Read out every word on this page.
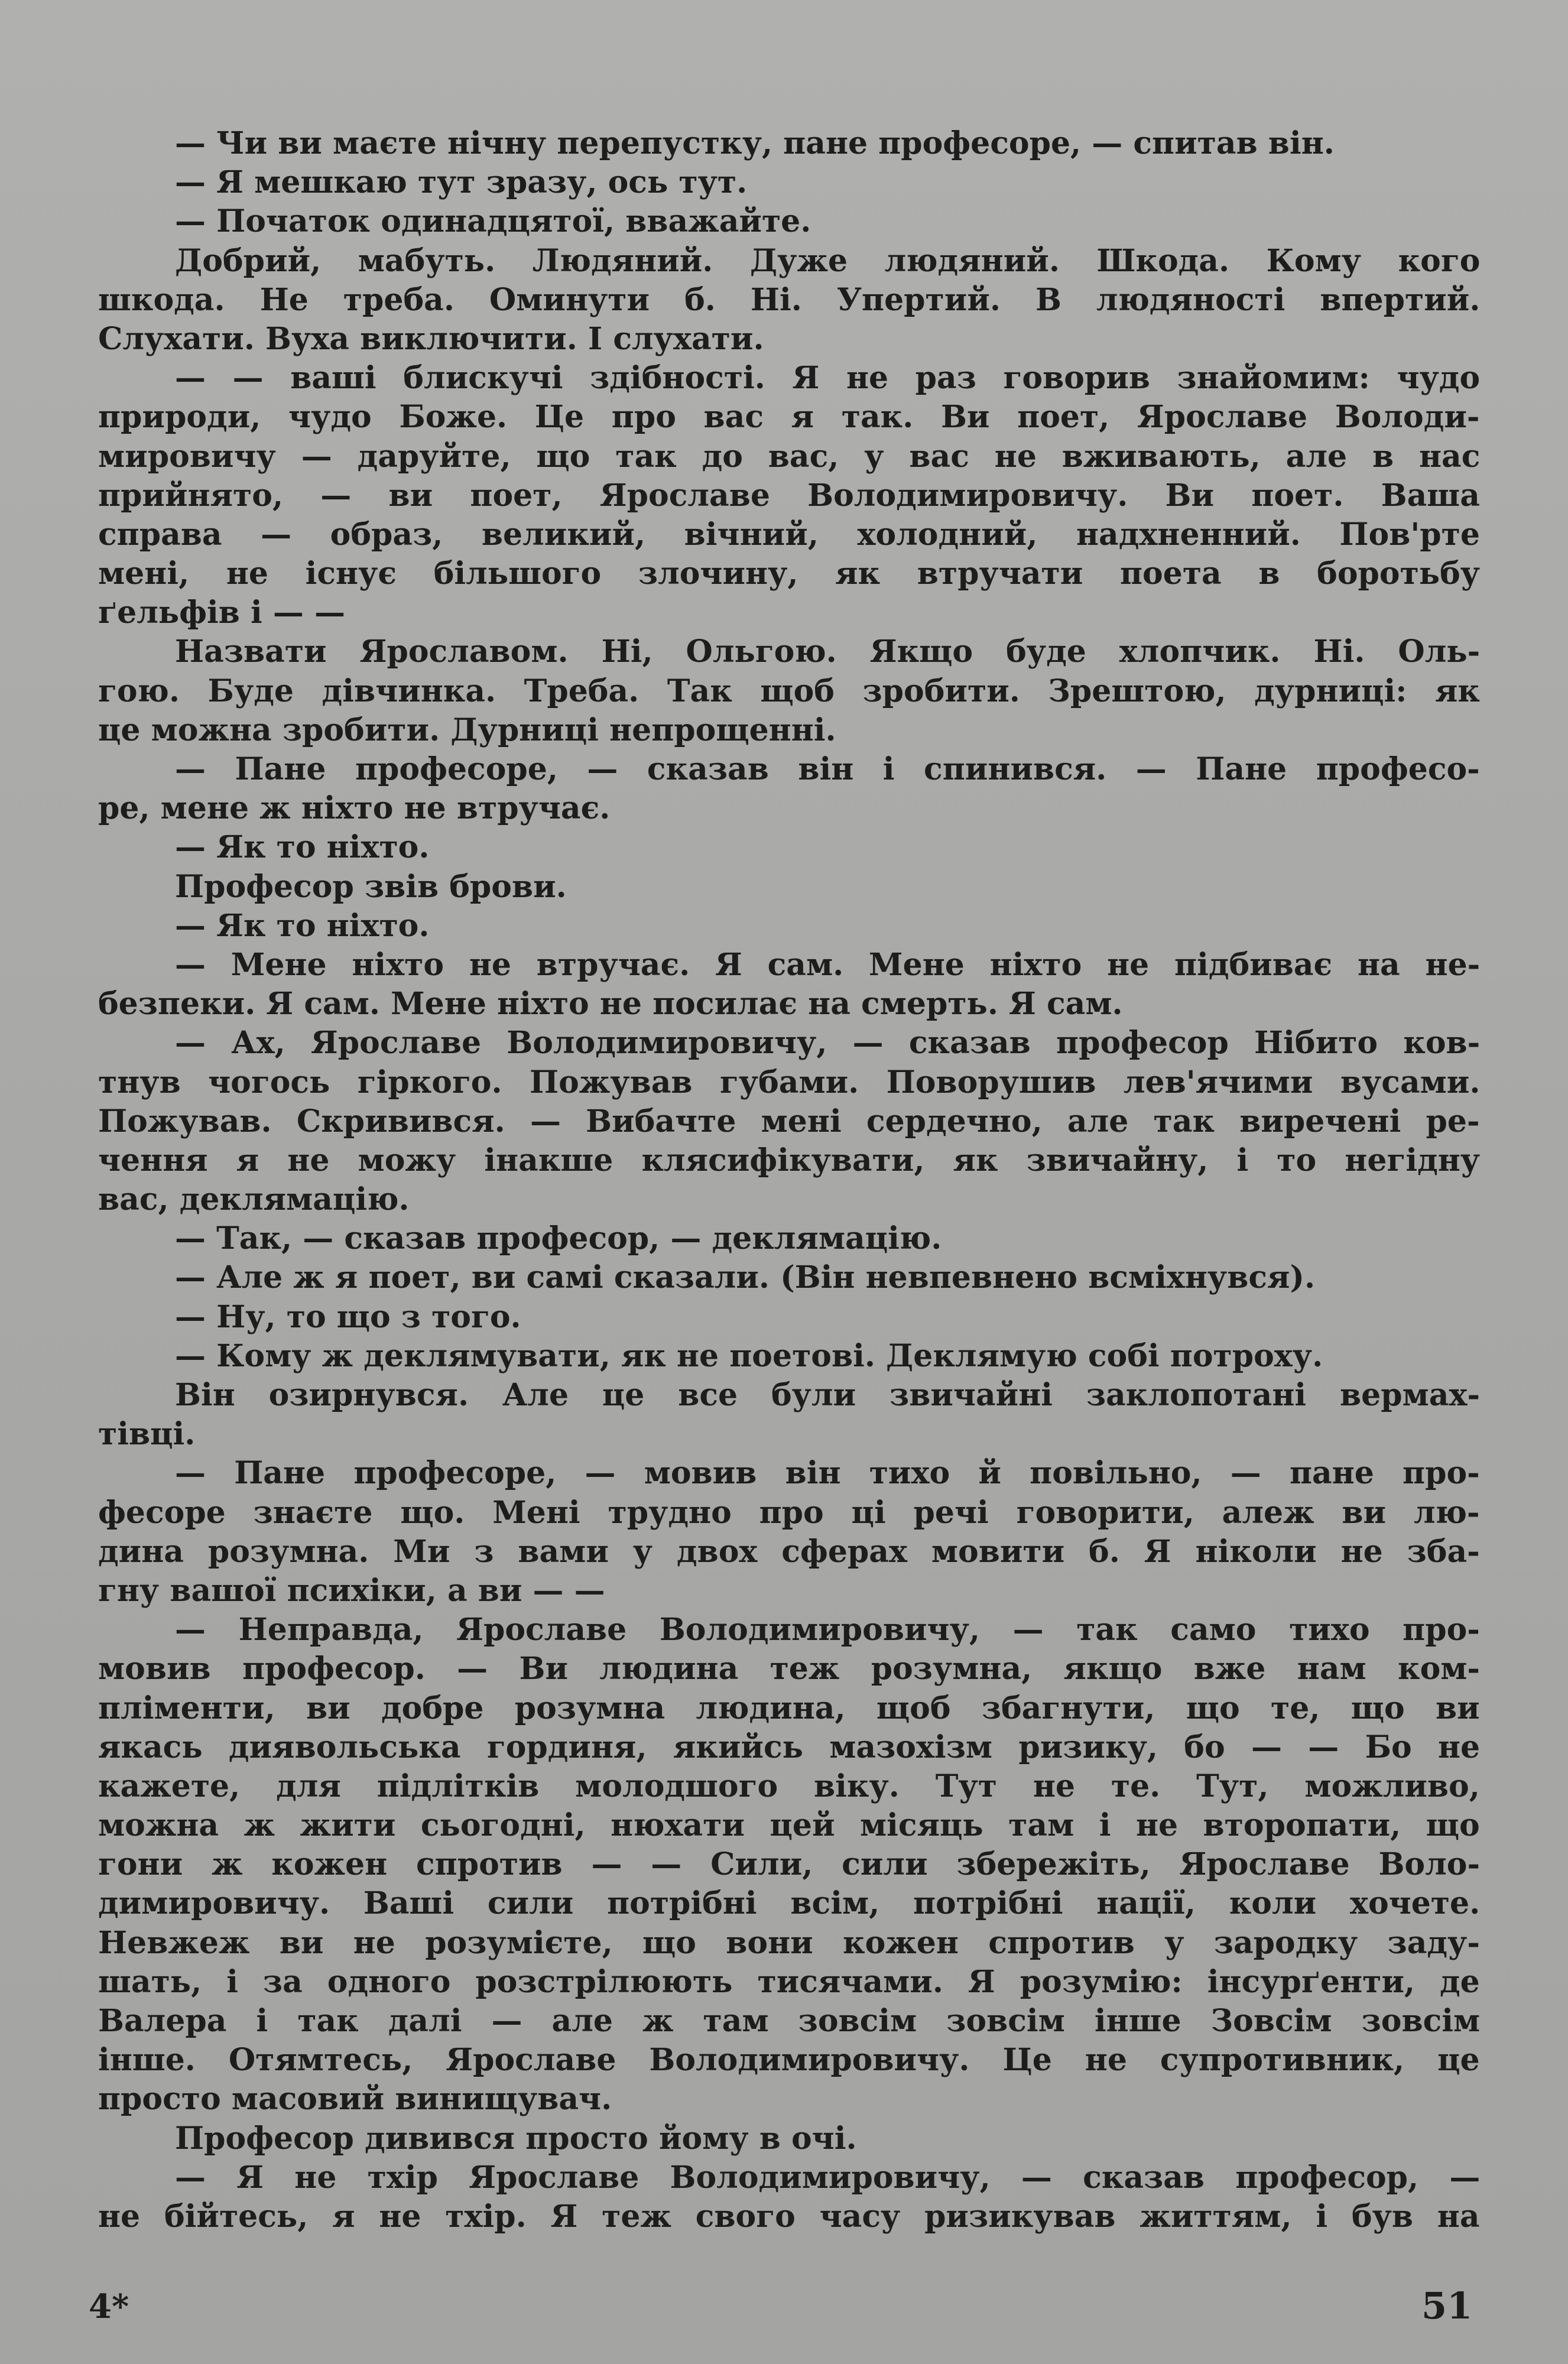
— Чи ви маєте нічну перепустку, пане професоре, — спитав він.
— Я мешкаю тут зразу, ось тут.
— Початок одинадцятої, вважайте.
Добрий, мабуть. Людяний. Дуже людяний. Шкода. Кому кого
шкода. Не треба. Оминути б. Ні. Упертий. В людяності впертий.
Слухати. Вуха виключити. І слухати.
— — ваші блискучі здібності. Я не раз говорив знайомим: чудо
природи, чудо Боже. Це про вас я так. Ви поет, Ярославе Володи-
мировичу — даруйте, що так до вас, у вас не вживають, але в нас
прийнято, — ви поет, Ярославе Володимировичу. Ви поет. Ваша
справа — образ, великий, вічний, холодний, надхненний. Пов'рте
мені, не існує більшого злочину, як втручати поета в боротьбу
ґельфів і — —
Назвати Ярославом. Ні, Ольгою. Якщо буде хлопчик. Ні. Оль-
гою. Буде дівчинка. Треба. Так щоб зробити. Зрештою, дурниці: як
це можна зробити. Дурниці непрощенні.
— Пане професоре, — сказав він і спинився. — Пане професо-
ре, мене ж ніхто не втручає.
— Як то ніхто.
Професор звів брови.
— Як то ніхто.
— Мене ніхто не втручає. Я сам. Мене ніхто не підбиває на не-
безпеки. Я сам. Мене ніхто не посилає на смерть. Я сам.
— Ах, Ярославе Володимировичу, — сказав професор Нібито ков-
тнув чогось гіркого. Пожував губами. Поворушив лев'ячими вусами.
Пожував. Скривився. — Вибачте мені сердечно, але так виречені ре-
чення я не можу інакше клясифікувати, як звичайну, і то негідну
вас, деклямацію.
— Так, — сказав професор, — деклямацію.
— Але ж я поет, ви самі сказали. (Він невпевнено всміхнувся).
— Ну, то що з того.
— Кому ж деклямувати, як не поетові. Деклямую собі потроху.
Він озирнувся. Але це все були звичайні заклопотані вермах-
тівці.
— Пане професоре, — мовив він тихо й повільно, — пане про-
фесоре знаєте що. Мені трудно про ці речі говорити, алеж ви лю-
дина розумна. Ми з вами у двох сферах мовити б. Я ніколи не зба-
гну вашої психіки, а ви — —
— Неправда, Ярославе Володимировичу, — так само тихо про-
мовив професор. — Ви людина теж розумна, якщо вже нам ком-
пліменти, ви добре розумна людина, щоб збагнути, що те, що ви
якась диявольська гординя, якийсь мазохізм ризику, бо — — Бо не
кажете, для підлітків молодшого віку. Тут не те. Тут, можливо,
можна ж жити сьогодні, нюхати цей місяць там і не второпати, що
гони ж кожен спротив — — Сили, сили збережіть, Ярославе Воло-
димировичу. Ваші сили потрібні всім, потрібні нації, коли хочете.
Невжеж ви не розумієте, що вони кожен спротив у зародку заду-
шать, і за одного розстрілюють тисячами. Я розумію: інсурґенти, де
Валера і так далі — але ж там зовсім зовсім інше Зовсім зовсім
інше. Отямтесь, Ярославе Володимировичу. Це не супротивник, це
просто масовий винищувач.
Професор дивився просто йому в очі.
— Я не тхір Ярославе Володимировичу, — сказав професор, —
не бійтесь, я не тхір. Я теж свого часу ризикував життям, і був на
4*	51
